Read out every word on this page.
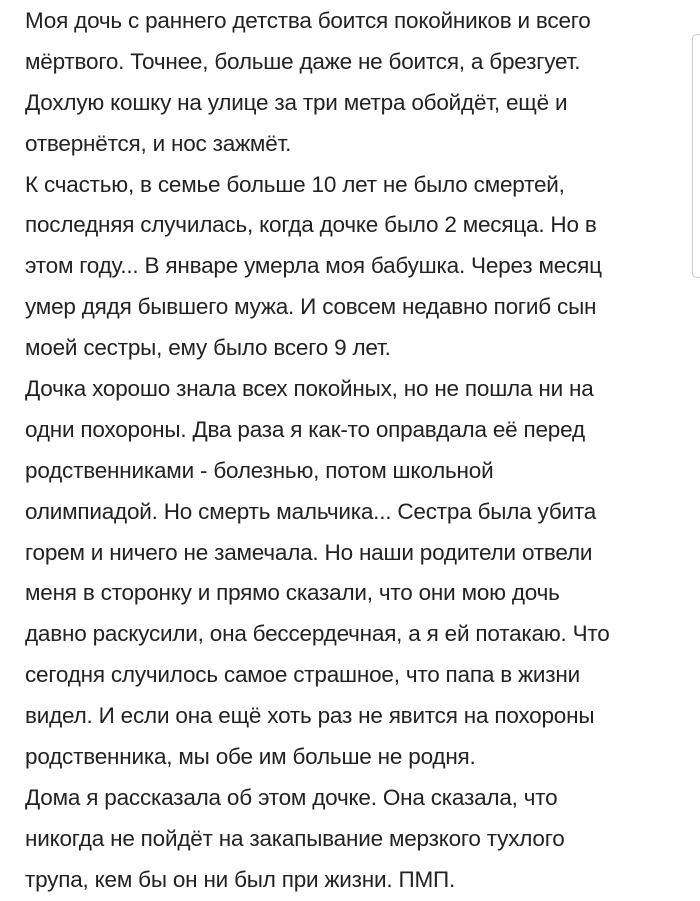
Моя дочь с раннего детства боится покойников и всего
мёртвого. Точнее, больше даже не боится, а брезгует.
Дохлую кошку на улице за три метра обойдёт, ещё и
отвернётся, и нос зажмёт.
К счастью, в семье больше 10 лет не было смертей,
последняя случилась, когда дочке было 2 месяца. Но в
этом году... В январе умерла моя бабушка. Через месяц
умер дядя бывшего мужа. И совсем недавно погиб сын
моей сестры, ему было всего 9 лет.
Дочка хорошо знала всех покойных, но не пошла ни на
одни похороны. Два раза я как-то оправдала её перед
родственниками - болезнью, потом школьной
олимпиадой. Но смерть мальчика... Сестра была убита
горем и ничего не замечала. Но наши родители отвели
меня в сторонку и прямо сказали, что они мою дочь
давно раскусили, она бессердечная, а я ей потакаю. Что
сегодня случилось самое страшное, что папа в жизни
видел. И если она ещё хоть раз не явится на похороны
родственника, мы обе им больше не родня.
Дома я рассказала об этом дочке. Она сказала, что
никогда не пойдёт на закапывание мерзкого тухлого
трупа, кем бы он ни был при жизни. ПМП.
